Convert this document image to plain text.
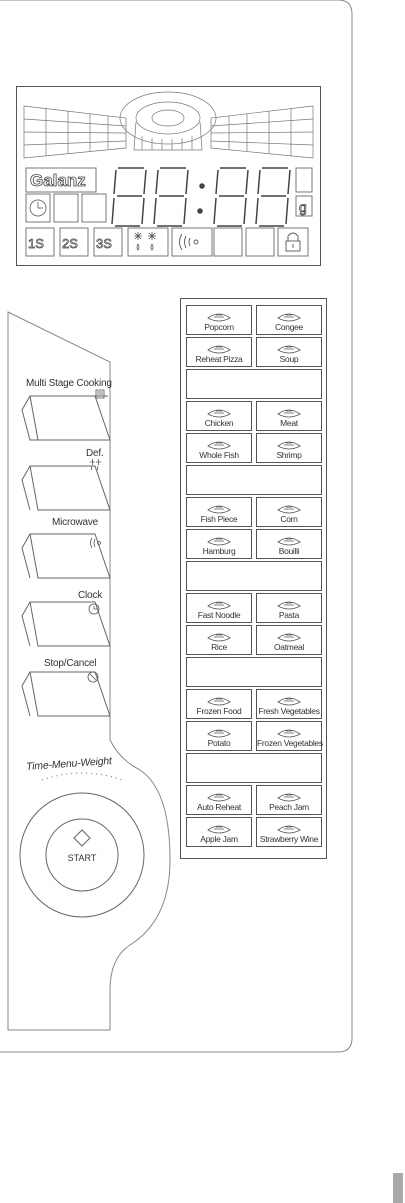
Galanz
g
1S 2S 3S
Multi Stage Cooking
Def.
Microwave
Clock
Stop/Cancel
Time-Menu-Weight
START
Popcorn	Congee
Reheat Pizza	Soup
Chicken	Meat
Whole Fish	Shrimp
Fish Piece	Corn
Hamburg	Bouilli
Fast Noodle	Pasta
Rice	Oatmeal
Frozen Food	Fresh Vegetables
Potato	Frozen Vegetables
Auto Reheat	Peach Jam
Apple Jam	Strawberry Wine
